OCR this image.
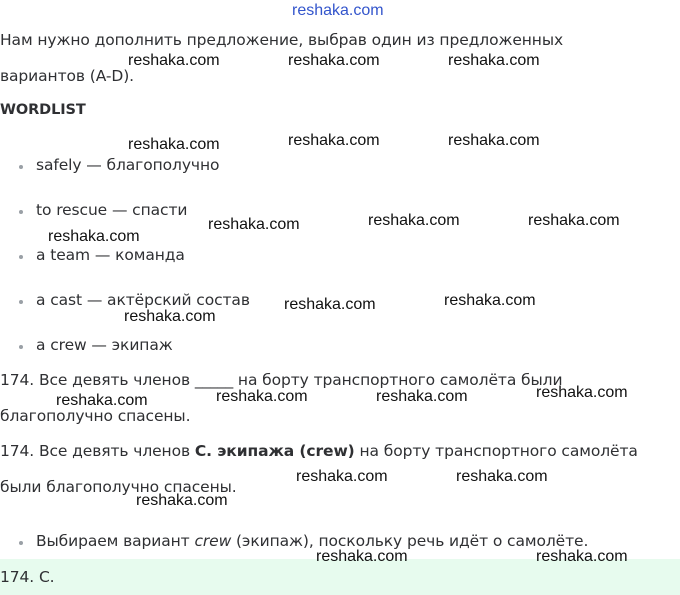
Нам нужно дополнить предложение, выбрав один из предложенных
вариантов (A-D).
WORDLIST
safely — благополучно
to rescue — спасти
a team — команда
a cast — актёрский состав
a crew — экипаж
174. Все девять членов _____ на борту транспортного самолёта были
благополучно спасены.
174. Все девять членов С. экипажа (crew) на борту транспортного самолёта
были благополучно спасены.
Выбираем вариант crew (экипаж), поскольку речь идёт о самолёте.
174. С.
reshaka.com
reshaka.com	reshaka.com	reshaka.com
reshaka.com	reshaka.com	reshaka.com
reshaka.com	reshaka.com	reshaka.com
reshaka.com
reshaka.com	reshaka.com
reshaka.com
reshaka.com	reshaka.com	reshaka.com
reshaka.com
reshaka.com	reshaka.com
reshaka.com
reshaka.com	reshaka.com
